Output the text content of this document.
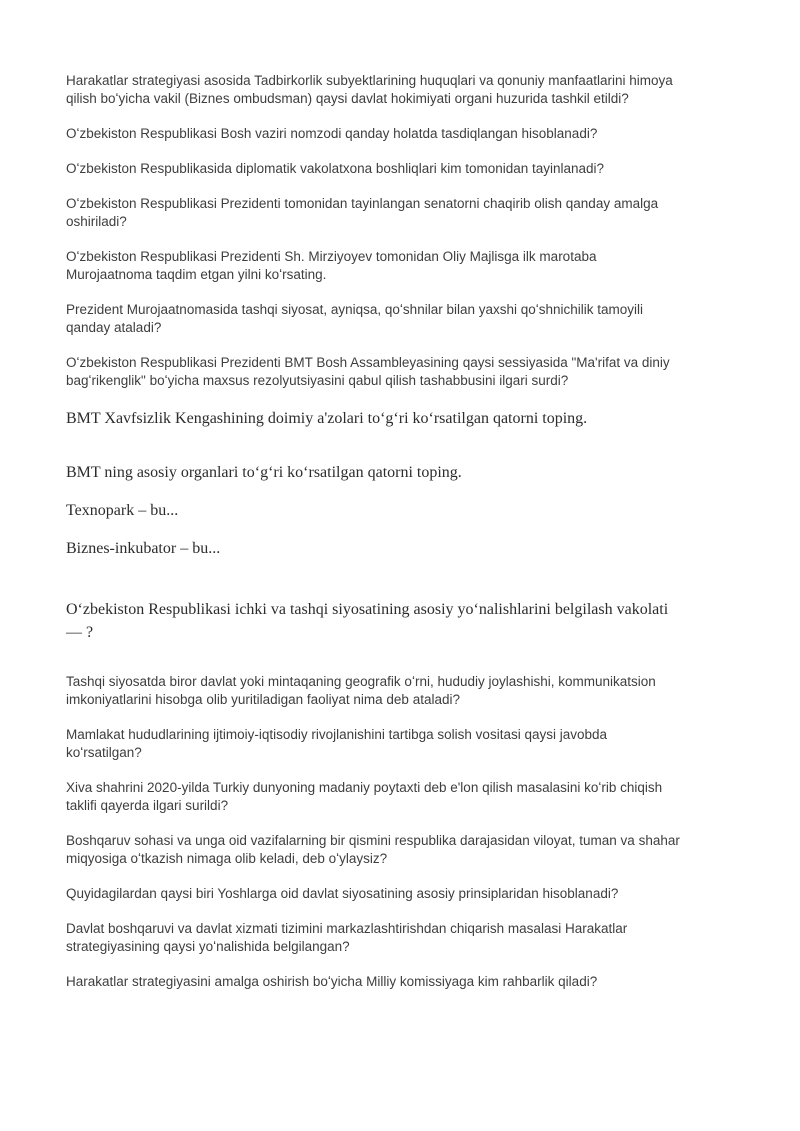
Harakatlar strategiyasi asosida Tadbirkorlik subyektlarining huquqlari va qonuniy manfaatlarini himoya
qilish boʻyicha vakil (Biznes ombudsman) qaysi davlat hokimiyati organi huzurida tashkil etildi?

Oʻzbekiston Respublikasi Bosh vaziri nomzodi qanday holatda tasdiqlangan hisoblanadi?

Oʻzbekiston Respublikasida diplomatik vakolatxona boshliqlari kim tomonidan tayinlanadi?

Oʻzbekiston Respublikasi Prezidenti tomonidan tayinlangan senatorni chaqirib olish qanday amalga
oshiriladi?

Oʻzbekiston Respublikasi Prezidenti Sh. Mirziyoyev tomonidan Oliy Majlisga ilk marotaba
Murojaatnoma taqdim etgan yilni koʻrsating.

Prezident Murojaatnomasida tashqi siyosat, ayniqsa, qoʻshnilar bilan yaxshi qoʻshnichilik tamoyili
qanday ataladi?

Oʻzbekiston Respublikasi Prezidenti BMT Bosh Assambleyasining qaysi sessiyasida "Ma'rifat va diniy
bagʻrikenglik" boʻyicha maxsus rezolyutsiyasini qabul qilish tashabbusini ilgari surdi?

BMT Xavfsizlik Kengashining doimiy a'zolari toʻgʻri koʻrsatilgan qatorni toping.

BMT ning asosiy organlari toʻgʻri koʻrsatilgan qatorni toping.

Texnopark – bu...

Biznes-inkubator – bu...

Oʻzbekiston Respublikasi ichki va tashqi siyosatining asosiy yoʻnalishlarini belgilash vakolati
— ?

Tashqi siyosatda biror davlat yoki mintaqaning geografik oʻrni, hududiy joylashishi, kommunikatsion
imkoniyatlarini hisobga olib yuritiladigan faoliyat nima deb ataladi?

Mamlakat hududlarining ijtimoiy-iqtisodiy rivojlanishini tartibga solish vositasi qaysi javobda
koʻrsatilgan?

Xiva shahrini 2020-yilda Turkiy dunyoning madaniy poytaxti deb e'lon qilish masalasini koʻrib chiqish
taklifi qayerda ilgari surildi?

Boshqaruv sohasi va unga oid vazifalarning bir qismini respublika darajasidan viloyat, tuman va shahar
miqyosiga oʻtkazish nimaga olib keladi, deb oʻylaysiz?

Quyidagilardan qaysi biri Yoshlarga oid davlat siyosatining asosiy prinsiplaridan hisoblanadi?

Davlat boshqaruvi va davlat xizmati tizimini markazlashtirishdan chiqarish masalasi Harakatlar
strategiyasining qaysi yoʻnalishida belgilangan?

Harakatlar strategiyasini amalga oshirish boʻyicha Milliy komissiyaga kim rahbarlik qiladi?
